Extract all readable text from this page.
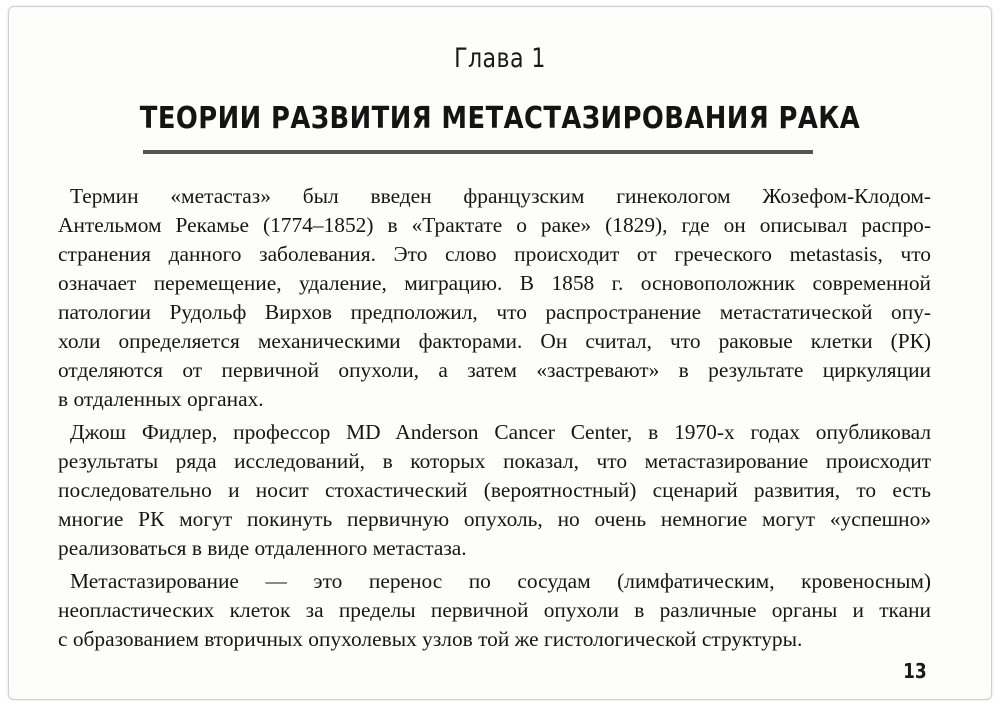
Глава 1
ТЕОРИИ РАЗВИТИЯ МЕТАСТАЗИРОВАНИЯ РАКА
Термин «метастаз» был введен французским гинекологом Жозефом-Клодом-
Антельмом Рекамье (1774–1852) в «Трактате о раке» (1829), где он описывал распро-
странения данного заболевания. Это слово происходит от греческого metastasis, что
означает перемещение, удаление, миграцию. В 1858 г. основоположник современной
патологии Рудольф Вирхов предположил, что распространение метастатической опу-
холи определяется механическими факторами. Он считал, что раковые клетки (РК)
отделяются от первичной опухоли, а затем «застревают» в результате циркуляции
в отдаленных органах.
Джош Фидлер, профессор MD Anderson Cancer Center, в 1970-х годах опубликовал
результаты ряда исследований, в которых показал, что метастазирование происходит
последовательно и носит стохастический (вероятностный) сценарий развития, то есть
многие РК могут покинуть первичную опухоль, но очень немногие могут «успешно»
реализоваться в виде отдаленного метастаза.
Метастазирование — это перенос по сосудам (лимфатическим, кровеносным)
неопластических клеток за пределы первичной опухоли в различные органы и ткани
с образованием вторичных опухолевых узлов той же гистологической структуры.
13
